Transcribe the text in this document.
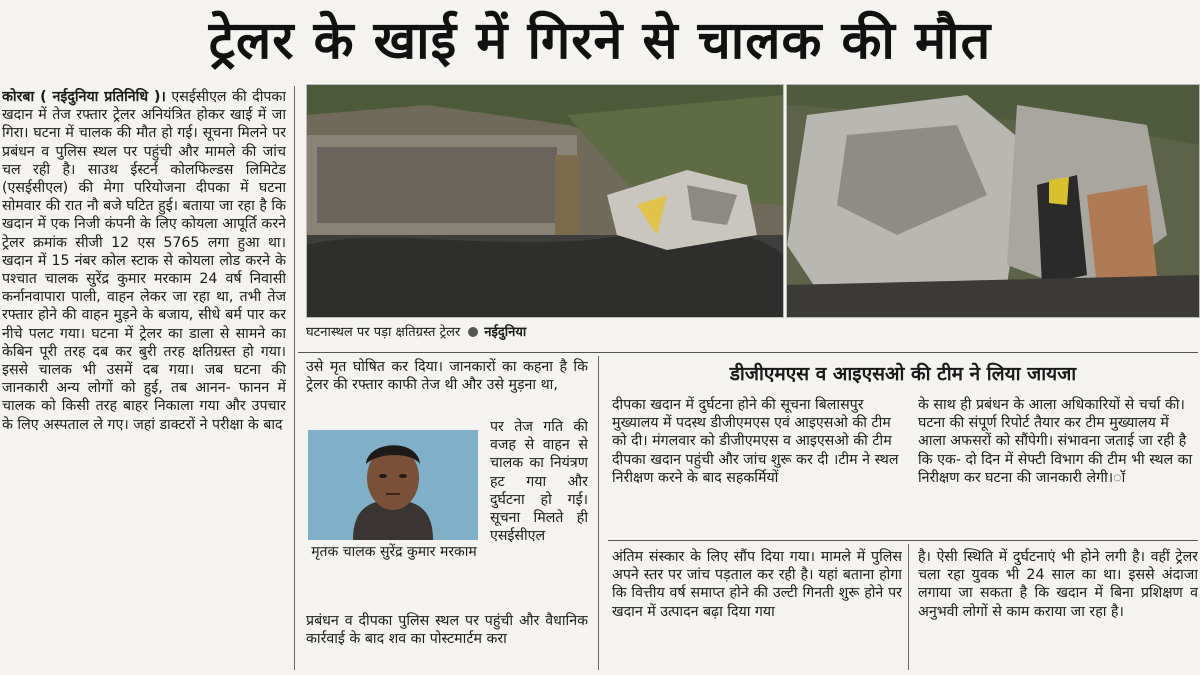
ट्रेलर के खाई में गिरने से चालक की मौत

कोरबा ( नईदुनिया प्रतिनिधि )। एसईसीएल की दीपका खदान में तेज रफ्तार ट्रेलर अनियंत्रित होकर खाई में जा गिरा। घटना में चालक की मौत हो गई। सूचना मिलने पर प्रबंधन व पुलिस स्थल पर पहुंची और मामले की जांच चल रही है। साउथ ईस्टर्न कोलफिल्डस लिमिटेड (एसईसीएल) की मेगा परियोजना दीपका में घटना सोमवार की रात नौ बजे घटित हुई। बताया जा रहा है कि खदान में एक निजी कंपनी के लिए कोयला आपूर्ति करने ट्रेलर क्रमांक सीजी 12 एस 5765 लगा हुआ था। खदान में 15 नंबर कोल स्टाक से कोयला लोड करने के पश्चात चालक सुरेंद्र कुमार मरकाम 24 वर्ष निवासी कर्नानवापारा पाली, वाहन लेकर जा रहा था, तभी तेज रफ्तार होने की वाहन मुड़ने के बजाय, सीधे बर्म पार कर नीचे पलट गया। घटना में ट्रेलर का डाला से सामने का केबिन पूरी तरह दब कर बुरी तरह क्षतिग्रस्त हो गया। इससे चालक भी उसमें दब गया। जब घटना की जानकारी अन्य लोगों को हुई, तब आनन- फानन में चालक को किसी तरह बाहर निकाला गया और उपचार के लिए अस्पताल ले गए। जहां डाक्टरों ने परीक्षा के बाद

घटनास्थल पर पड़ा क्षतिग्रस्त ट्रेलर नईदुनिया

उसे मृत घोषित कर दिया। जानकारों का कहना है कि ट्रेलर की रफ्तार काफी तेज थी और उसे मुड़ना था,

मृतक चालक सुरेंद्र कुमार मरकाम

पर तेज गति की वजह से वाहन से चालक का नियंत्रण हट गया और दुर्घटना हो गई। सूचना मिलते ही एसईसीएल

प्रबंधन व दीपका पुलिस स्थल पर पहुंची और वैधानिक कार्रवाई के बाद शव का पोस्टमार्टम करा

डीजीएमएस व आइएसओ की टीम ने लिया जायजा

दीपका खदान में दुर्घटना होने की सूचना बिलासपुर मुख्यालय में पदस्थ डीजीएमएस एवं आइएसओ की टीम को दी। मंगलवार को डीजीएमएस व आइएसओ की टीम दीपका खदान पहुंची और जांच शुरू कर दी ।टीम ने स्थल निरीक्षण करने के बाद सहकर्मियों

के साथ ही प्रबंधन के आला अधिकारियों से चर्चा की। घटना की संपूर्ण रिपोर्ट तैयार कर टीम मुख्यालय में आला अफसरों को सौंपेगी। संभावना जताई जा रही है कि एक- दो दिन में सेफ्टी विभाग की टीम भी स्थल का निरीक्षण कर घटना की जानकारी लेगी।ॉ

अंतिम संस्कार के लिए सौंप दिया गया। मामले में पुलिस अपने स्तर पर जांच पड़ताल कर रही है। यहां बताना होगा कि वित्तीय वर्ष समाप्त होने की उल्टी गिनती शुरू होने पर खदान में उत्पादन बढ़ा दिया गया

है। ऐसी स्थिति में दुर्घटनाएं भी होने लगी है। वहीं ट्रेलर चला रहा युवक भी 24 साल का था। इससे अंदाजा लगाया जा सकता है कि खदान में बिना प्रशिक्षण व अनुभवी लोगों से काम कराया जा रहा है।
